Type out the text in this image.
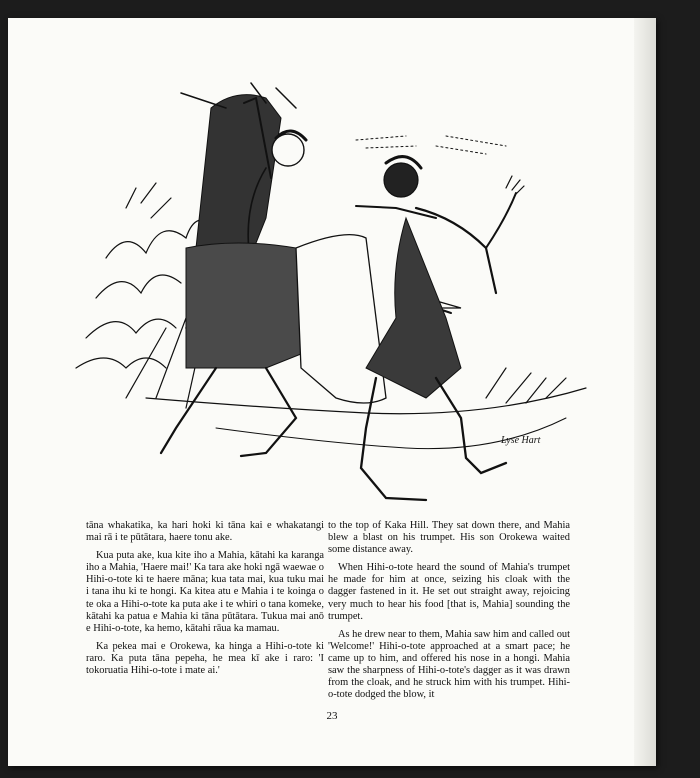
Lyse Hart

tāna whakatika, ka hari hoki ki tāna kai e whakatangi mai rā i te pūtātara, haere tonu ake.

Kua puta ake, kua kite iho a Mahia, kātahi ka karanga iho a Mahia, 'Haere mai!' Ka tara ake hoki ngā waewae o Hihi-o-tote ki te haere māna; kua tata mai, kua tuku mai i tana ihu ki te hongi. Ka kitea atu e Mahia i te koinga o te oka a Hihi-o-tote ka puta ake i te whiri o tana komeke, kātahi ka patua e Mahia ki tāna pūtātara. Tukua mai anō e Hihi-o-tote, ka hemo, kātahi rāua ka mamau.

Ka pekea mai e Orokewa, ka hinga a Hihi-o-tote ki raro. Ka puta tāna pepeha, he mea kī ake i raro: 'I tokoruatia Hihi-o-tote i mate ai.'

to the top of Kaka Hill. They sat down there, and Mahia blew a blast on his trumpet. His son Orokewa waited some distance away.

When Hihi-o-tote heard the sound of Mahia's trumpet he made for him at once, seizing his cloak with the dagger fastened in it. He set out straight away, rejoicing very much to hear his food [that is, Mahia] sounding the trumpet.

As he drew near to them, Mahia saw him and called out 'Welcome!' Hihi-o-tote approached at a smart pace; he came up to him, and offered his nose in a hongi. Mahia saw the sharpness of Hihi-o-tote's dagger as it was drawn from the cloak, and he struck him with his trumpet. Hihi-o-tote dodged the blow, it

23
